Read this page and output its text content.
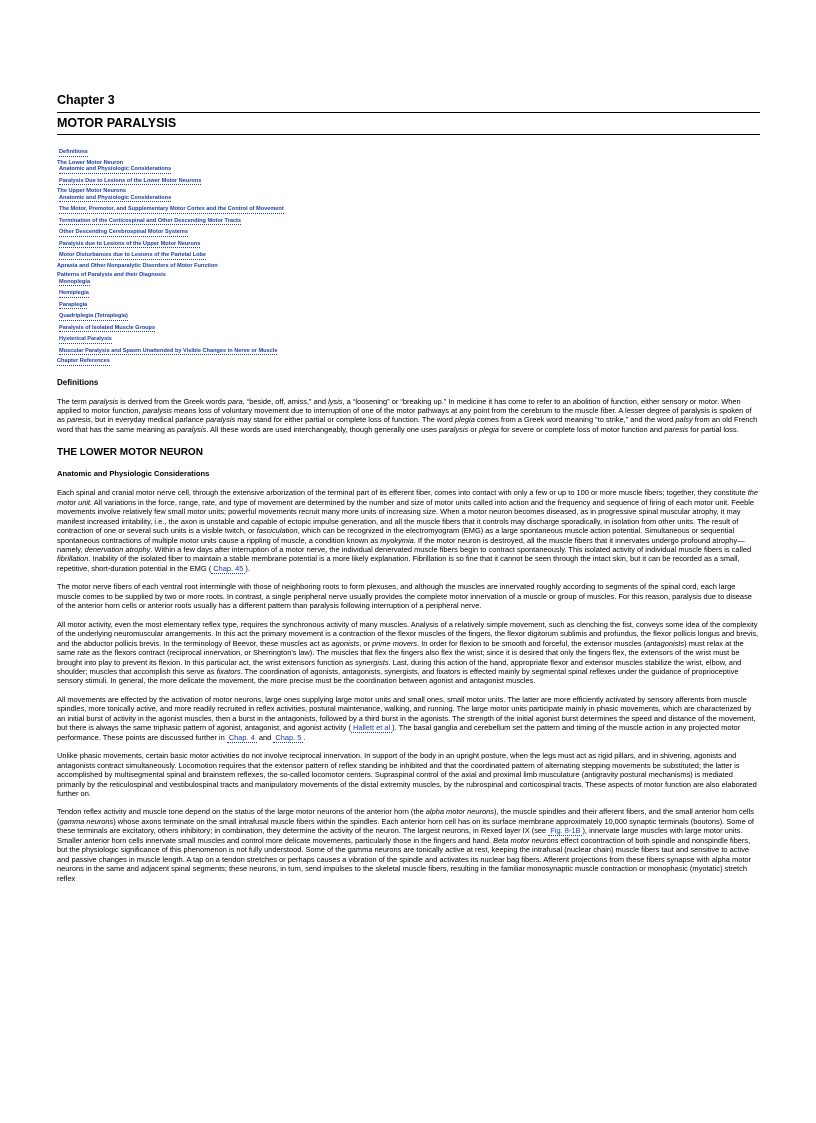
Chapter 3
MOTOR PARALYSIS
Definitions
The Lower Motor Neuron
Anatomic and Physiologic Considerations
Paralysis Due to Lesions of the Lower Motor Neurons
The Upper Motor Neurons
Anatomic and Physiologic Considerations
The Motor, Premotor, and Supplementary Motor Cortex and the Control of Movement
Termination of the Corticospinal and Other Descending Motor Tracts
Other Descending Cerebrospinal Motor Systems
Paralysis due to Lesions of the Upper Motor Neurons
Motor Disturbances due to Lesions of the Parietal Lobe
Apraxia and Other Nonparalytic Disorders of Motor Function
Patterns of Paralysis and their Diagnosis
Monoplegia
Hemiplegia
Paraplegia
Quadriplegia (Tetraplegia)
Paralysis of Isolated Muscle Groups
Hysterical Paralysis
Muscular Paralysis and Spasm Unattended by Visible Changes in Nerve or Muscle
Chapter References
Definitions

The term paralysis is derived from the Greek words para, “beside, off, amiss,” and lysis, a “loosening” or “breaking up.” In medicine it has come to refer to an abolition of function, either sensory or motor. When applied to motor function, paralysis means loss of voluntary movement due to interruption of one of the motor pathways at any point from the cerebrum to the muscle fiber. A lesser degree of paralysis is spoken of as paresis, but in everyday medical parlance paralysis may stand for either partial or complete loss of function. The word plegia comes from a Greek word meaning “to strike,” and the word palsy from an old French word that has the same meaning as paralysis. All these words are used interchangeably, though generally one uses paralysis or plegia for severe or complete loss of motor function and paresis for partial loss.

THE LOWER MOTOR NEURON
Anatomic and Physiologic Considerations

Each spinal and cranial motor nerve cell, through the extensive arborization of the terminal part of its efferent fiber, comes into contact with only a few or up to 100 or more muscle fibers; together, they constitute the motor unit. All variations in the force, range, rate, and type of movement are determined by the number and size of motor units called into action and the frequency and sequence of firing of each motor unit. Feeble movements involve relatively few small motor units; powerful movements recruit many more units of increasing size. When a motor neuron becomes diseased, as in progressive spinal muscular atrophy, it may manifest increased irritability, i.e., the axon is unstable and capable of ectopic impulse generation, and all the muscle fibers that it controls may discharge sporadically, in isolation from other units. The result of contraction of one or several such units is a visible twitch, or fasciculation, which can be recognized in the electromyogram (EMG) as a large spontaneous muscle action potential. Simultaneous or sequential spontaneous contractions of multiple motor units cause a rippling of muscle, a condition known as myokymia. If the motor neuron is destroyed, all the muscle fibers that it innervates undergo profound atrophy—namely, denervation atrophy. Within a few days after interruption of a motor nerve, the individual denervated muscle fibers begin to contract spontaneously. This isolated activity of individual muscle fibers is called fibrillation. Inability of the isolated fiber to maintain a stable membrane potential is a more likely explanation. Fibrillation is so fine that it cannot be seen through the intact skin, but it can be recorded as a small, repetitive, short-duration potential in the EMG ( Chap. 45 ).

The motor nerve fibers of each ventral root intermingle with those of neighboring roots to form plexuses, and although the muscles are innervated roughly according to segments of the spinal cord, each large muscle comes to be supplied by two or more roots. In contrast, a single peripheral nerve usually provides the complete motor innervation of a muscle or group of muscles. For this reason, paralysis due to disease of the anterior horn cells or anterior roots usually has a different pattern than paralysis following interruption of a peripheral nerve.

All motor activity, even the most elementary reflex type, requires the synchronous activity of many muscles. Analysis of a relatively simple movement, such as clenching the fist, conveys some idea of the complexity of the underlying neuromuscular arrangements. In this act the primary movement is a contraction of the flexor muscles of the fingers, the flexor digitorum sublimis and profundus, the flexor pollicis longus and brevis, and the abductor pollicis brevis. In the terminology of Beevor, these muscles act as agonists, or prime movers. In order for flexion to be smooth and forceful, the extensor muscles (antagonists) must relax at the same rate as the flexors contract (reciprocal innervation, or Sherrington's law). The muscles that flex the fingers also flex the wrist; since it is desired that only the fingers flex, the extensors of the wrist must be brought into play to prevent its flexion. In this particular act, the wrist extensors function as synergists. Last, during this action of the hand, appropriate flexor and extensor muscles stabilize the wrist, elbow, and shoulder; muscles that accomplish this serve as fixators. The coordination of agonists, antagonists, synergists, and fixators is effected mainly by segmental spinal reflexes under the guidance of proprioceptive sensory stimuli. In general, the more delicate the movement, the more precise must be the coordination between agonist and antagonist muscles.

All movements are effected by the activation of motor neurons, large ones supplying large motor units and small ones, small motor units. The latter are more efficiently activated by sensory afferents from muscle spindles, more tonically active, and more readily recruited in reflex activities, postural maintenance, walking, and running. The large motor units participate mainly in phasic movements, which are characterized by an initial burst of activity in the agonist muscles, then a burst in the antagonists, followed by a third burst in the agonists. The strength of the initial agonist burst determines the speed and distance of the movement, but there is always the same triphasic pattern of agonist, antagonist, and agonist activity ( Hallett et al ). The basal ganglia and cerebellum set the pattern and timing of the muscle action in any projected motor performance. These points are discussed further in Chap. 4 and Chap. 5 .

Unlike phasic movements, certain basic motor activities do not involve reciprocal innervation. In support of the body in an upright posture, when the legs must act as rigid pillars, and in shivering, agonists and antagonists contract simultaneously. Locomotion requires that the extensor pattern of reflex standing be inhibited and that the coordinated pattern of alternating stepping movements be substituted; the latter is accomplished by multisegmental spinal and brainstem reflexes, the so-called locomotor centers. Supraspinal control of the axial and proximal limb musculature (antigravity postural mechanisms) is mediated primarily by the reticulospinal and vestibulospinal tracts and manipulatory movements of the distal extremity muscles, by the rubrospinal and corticospinal tracts. These aspects of motor function are also elaborated further on.

Tendon reflex activity and muscle tone depend on the status of the large motor neurons of the anterior horn (the alpha motor neurons), the muscle spindles and their afferent fibers, and the small anterior horn cells (gamma neurons) whose axons terminate on the small intrafusal muscle fibers within the spindles. Each anterior horn cell has on its surface membrane approximately 10,000 synaptic terminals (boutons). Some of these terminals are excitatory, others inhibitory; in combination, they determine the activity of the neuron. The largest neurons, in Rexed layer IX (see Fig. 8-1B ), innervate large muscles with large motor units. Smaller anterior horn cells innervate small muscles and control more delicate movements, particularly those in the fingers and hand. Beta motor neurons effect cocontraction of both spindle and nonspindle fibers, but the physiologic significance of this phenomenon is not fully understood. Some of the gamma neurons are tonically active at rest, keeping the intrafusal (nuclear chain) muscle fibers taut and sensitive to active and passive changes in muscle length. A tap on a tendon stretches or perhaps causes a vibration of the spindle and activates its nuclear bag fibers. Afferent projections from these fibers synapse with alpha motor neurons in the same and adjacent spinal segments; these neurons, in turn, send impulses to the skeletal muscle fibers, resulting in the familiar monosynaptic muscle contraction or monophasic (myotatic) stretch reflex
